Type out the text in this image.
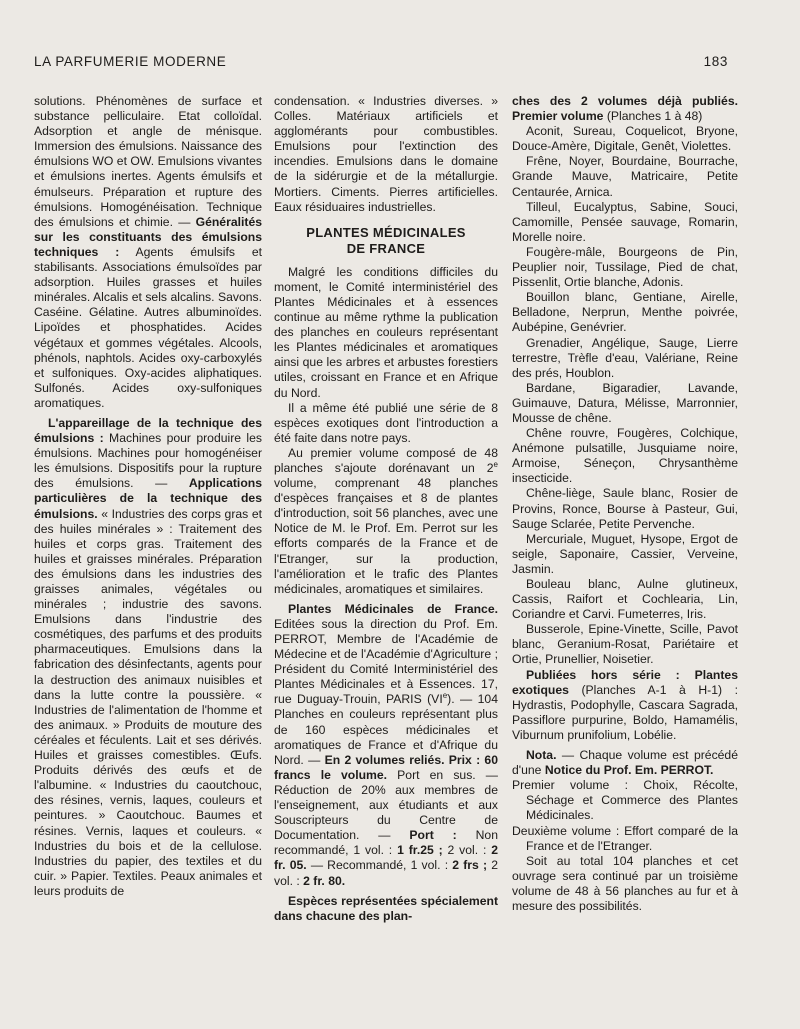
LA PARFUMERIE MODERNE	183

solutions. Phénomènes de surface et substance pelliculaire. Etat colloïdal. Adsorption et angle de ménisque. Immersion des émulsions. Naissance des émulsions WO et OW. Emulsions vivantes et émulsions inertes. Agents émulsifs et émulseurs. Préparation et rupture des émulsions. Homogénéisation. Technique des émulsions et chimie. — Généralités sur les constituants des émulsions techniques : Agents émulsifs et stabilisants. Associations émulsoïdes par adsorption. Huiles grasses et huiles minérales. Alcalis et sels alcalins. Savons. Caséine. Gélatine. Autres albuminoïdes. Lipoïdes et phosphatides. Acides végétaux et gommes végétales. Alcools, phénols, naphtols. Acides oxy-carboxylés et sulfoniques. Oxy-acides aliphatiques. Sulfonés. Acides oxy-sulfoniques aromatiques.

L'appareillage de la technique des émulsions : Machines pour produire les émulsions. Machines pour homogénéiser les émulsions. Dispositifs pour la rupture des émulsions. — Applications particulières de la technique des émulsions. « Industries des corps gras et des huiles minérales » : Traitement des huiles et corps gras. Traitement des huiles et graisses minérales. Préparation des émulsions dans les industries des graisses animales, végétales ou minérales ; industrie des savons. Emulsions dans l'industrie des cosmétiques, des parfums et des produits pharmaceutiques. Emulsions dans la fabrication des désinfectants, agents pour la destruction des animaux nuisibles et dans la lutte contre la poussière. « Industries de l'alimentation de l'homme et des animaux. » Produits de mouture des céréales et féculents. Lait et ses dérivés. Huiles et graisses comestibles. Œufs. Produits dérivés des œufs et de l'albumine. « Industries du caoutchouc, des résines, vernis, laques, couleurs et peintures. » Caoutchouc. Baumes et résines. Vernis, laques et couleurs. « Industries du bois et de la cellulose. Industries du papier, des textiles et du cuir. » Papier. Textiles. Peaux animales et leurs produits de

condensation. « Industries diverses. » Colles. Matériaux artificiels et agglomérants pour combustibles. Emulsions pour l'extinction des incendies. Emulsions dans le domaine de la sidérurgie et de la métallurgie. Mortiers. Ciments. Pierres artificielles. Eaux résiduaires industrielles.

PLANTES MÉDICINALES
DE FRANCE

Malgré les conditions difficiles du moment, le Comité interministériel des Plantes Médicinales et à essences continue au même rythme la publication des planches en couleurs représentant les Plantes médicinales et aromatiques ainsi que les arbres et arbustes forestiers utiles, croissant en France et en Afrique du Nord.

Il a même été publié une série de 8 espèces exotiques dont l'introduction a été faite dans notre pays.

Au premier volume composé de 48 planches s'ajoute dorénavant un 2e volume, comprenant 48 planches d'espèces françaises et 8 de plantes d'introduction, soit 56 planches, avec une Notice de M. le Prof. Em. Perrot sur les efforts comparés de la France et de l'Etranger, sur la production, l'amélioration et le trafic des Plantes médicinales, aromatiques et similaires.

Plantes Médicinales de France. Editées sous la direction du Prof. Em. PERROT, Membre de l'Académie de Médecine et de l'Académie d'Agriculture ; Président du Comité Interministériel des Plantes Médicinales et à Essences. 17, rue Duguay-Trouin, PARIS (VIe). — 104 Planches en couleurs représentant plus de 160 espèces médicinales et aromatiques de France et d'Afrique du Nord. — En 2 volumes reliés. Prix : 60 francs le volume. Port en sus. — Réduction de 20% aux membres de l'enseignement, aux étudiants et aux Souscripteurs du Centre de Documentation. — Port : Non recommandé, 1 vol. : 1 fr.25 ; 2 vol. : 2 fr. 05. — Recommandé, 1 vol. : 2 frs ; 2 vol. : 2 fr. 80.

Espèces représentées spécialement dans chacune des plan-

ches des 2 volumes déjà publiés. Premier volume (Planches 1 à 48)

Aconit, Sureau, Coquelicot, Bryone, Douce-Amère, Digitale, Genêt, Violettes.

Frêne, Noyer, Bourdaine, Bourrache, Grande Mauve, Matricaire, Petite Centaurée, Arnica.

Tilleul, Eucalyptus, Sabine, Souci, Camomille, Pensée sauvage, Romarin, Morelle noire.

Fougère-mâle, Bourgeons de Pin, Peuplier noir, Tussilage, Pied de chat, Pissenlit, Ortie blanche, Adonis.

Bouillon blanc, Gentiane, Airelle, Belladone, Nerprun, Menthe poivrée, Aubépine, Genévrier.

Grenadier, Angélique, Sauge, Lierre terrestre, Trèfle d'eau, Valériane, Reine des prés, Houblon.

Bardane, Bigaradier, Lavande, Guimauve, Datura, Mélisse, Marronnier, Mousse de chêne.

Chêne rouvre, Fougères, Colchique, Anémone pulsatille, Jusquiame noire, Armoise, Séneçon, Chrysanthème insecticide.

Chêne-liège, Saule blanc, Rosier de Provins, Ronce, Bourse à Pasteur, Gui, Sauge Sclarée, Petite Pervenche.

Mercuriale, Muguet, Hysope, Ergot de seigle, Saponaire, Cassier, Verveine, Jasmin.

Bouleau blanc, Aulne glutineux, Cassis, Raifort et Cochlearia, Lin, Coriandre et Carvi. Fumeterres, Iris.

Busserole, Epine-Vinette, Scille, Pavot blanc, Geranium-Rosat, Pariétaire et Ortie, Prunellier, Noisetier.

Publiées hors série : Plantes exotiques (Planches A-1 à H-1) : Hydrastis, Podophylle, Cascara Sagrada, Passiflore purpurine, Boldo, Hamamélis, Viburnum prunifolium, Lobélie.

Nota. — Chaque volume est précédé d'une Notice du Prof. Em. PERROT.

Premier volume : Choix, Récolte, Séchage et Commerce des Plantes Médicinales.

Deuxième volume : Effort comparé de la France et de l'Etranger.

Soit au total 104 planches et cet ouvrage sera continué par un troisième volume de 48 à 56 planches au fur et à mesure des possibilités.
